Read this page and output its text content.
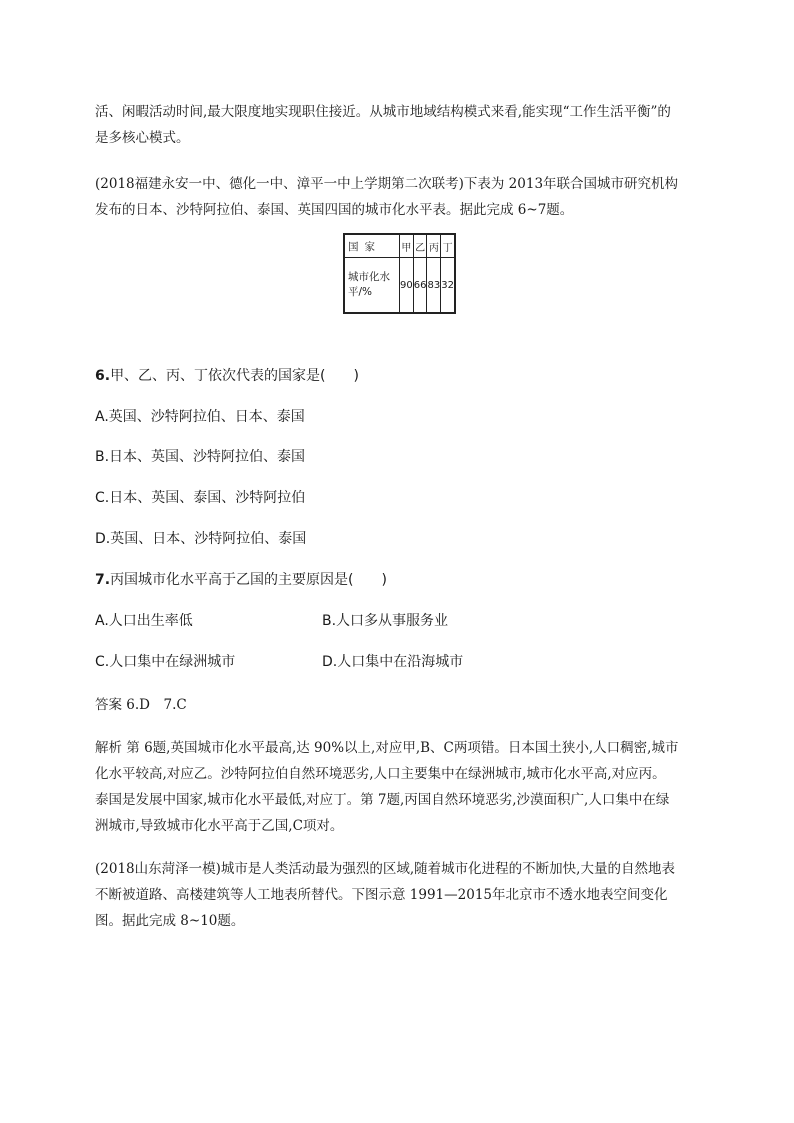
活、闲暇活动时间,最大限度地实现职住接近。从城市地域结构模式来看,能实现“工作生活平衡”的

是多核心模式。

(2018福建永安一中、德化一中、漳平一中上学期第二次联考)下表为 2013年联合国城市研究机构

发布的日本、沙特阿拉伯、泰国、英国四国的城市化水平表。据此完成 6~7题。

国家	甲	乙	丙	丁
城市化水平/%	90	66	83	32
6.甲、乙、丙、丁依次代表的国家是(　　)
A.英国、沙特阿拉伯、日本、泰国
B.日本、英国、沙特阿拉伯、泰国
C.日本、英国、泰国、沙特阿拉伯
D.英国、日本、沙特阿拉伯、泰国
7.丙国城市化水平高于乙国的主要原因是(　　)
A.人口出生率低	B.人口多从事服务业
C.人口集中在绿洲城市	D.人口集中在沿海城市

答案 6.D　7.C

解析 第 6题,英国城市化水平最高,达 90%以上,对应甲,B、C两项错。日本国土狭小,人口稠密,城市

化水平较高,对应乙。沙特阿拉伯自然环境恶劣,人口主要集中在绿洲城市,城市化水平高,对应丙。

泰国是发展中国家,城市化水平最低,对应丁。第 7题,丙国自然环境恶劣,沙漠面积广,人口集中在绿

洲城市,导致城市化水平高于乙国,C项对。

(2018山东菏泽一模)城市是人类活动最为强烈的区域,随着城市化进程的不断加快,大量的自然地表

不断被道路、高楼建筑等人工地表所替代。下图示意 1991—2015年北京市不透水地表空间变化

图。据此完成 8~10题。
